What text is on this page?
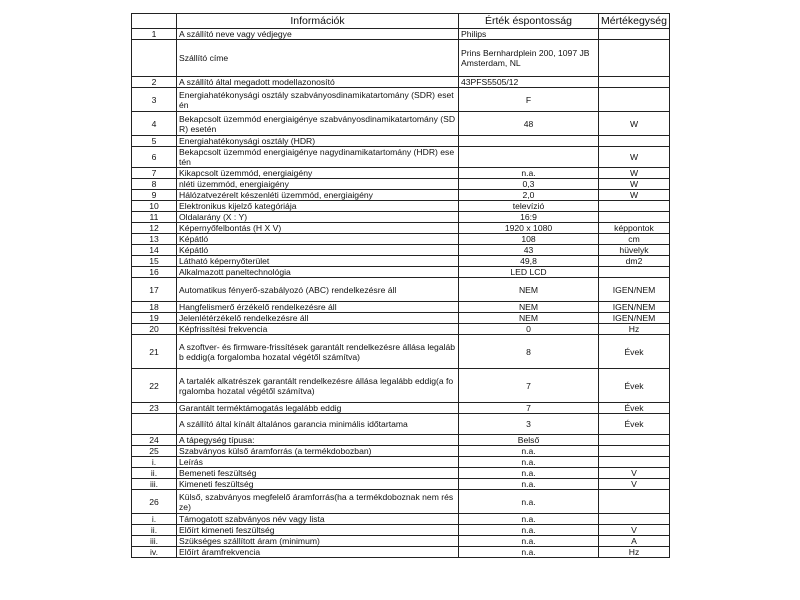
	Információk	Érték éspontosság	Mértékegység
1	A szállító neve vagy védjegye	Philips	
	Szállító címe	Prins Bernhardplein 200, 1097 JB Amsterdam, NL	
2	A szállító által megadott modellazonosító	43PFS5505/12	
3	Energiahatékonysági osztály szabványosdinamikatartomány (SDR) esetén	F	
4	Bekapcsolt üzemmód energiaigénye szabványosdinamikatartomány (SDR) esetén	48	W
5	Energiahatékonysági osztály (HDR)		
6	Bekapcsolt üzemmód energiaigénye nagydinamikatartomány (HDR) esetén		W
7	Kikapcsolt üzemmód, energiaigény	n.a.	W
8	nléti üzemmód, energiaigény	0,3	W
9	Hálózatvezérelt készenléti üzemmód, energiaigény	2,0	W
10	Elektronikus kijelző kategóriája	televízió	
11	Oldalarány (X : Y)	16:9	
12	Képernyőfelbontás (H X V)	1920 x 1080	képpontok
13	Képátló	108	cm
14	Képátló	43	hüvelyk
15	Látható képernyőterület	49,8	dm2
16	Alkalmazott paneltechnológia	LED LCD	
17	Automatikus fényerő-szabályozó (ABC) rendelkezésre áll	NEM	IGEN/NEM
18	Hangfelismerő érzékelő rendelkezésre áll	NEM	IGEN/NEM
19	Jelenlétérzékelő rendelkezésre áll	NEM	IGEN/NEM
20	Képfrissítési frekvencia	0	Hz
21	A szoftver- és firmware-frissítések garantált rendelkezésre állása legalább eddig(a forgalomba hozatal végétől számítva)	8	Évek
22	A tartalék alkatrészek garantált rendelkezésre állása legalább eddig(a forgalomba hozatal végétől számítva)	7	Évek
23	Garantált terméktámogatás legalább eddig	7	Évek
	A szállító által kínált általános garancia minimális időtartama	3	Évek
24	A tápegység típusa:	Belső	
25	Szabványos külső áramforrás (a termékdobozban)	n.a.	
i.	Leírás	n.a.	
ii.	Bemeneti feszültség	n.a.	V
iii.	Kimeneti feszültség	n.a.	V
26	Külső, szabványos megfelelő áramforrás(ha a termékdoboznak nem része)	n.a.	
i.	Támogatott szabványos név vagy lista	n.a.	
ii.	Előírt kimeneti feszültség	n.a.	V
iii.	Szükséges szállított áram (minimum)	n.a.	A
iv.	Előírt áramfrekvencia	n.a.	Hz
